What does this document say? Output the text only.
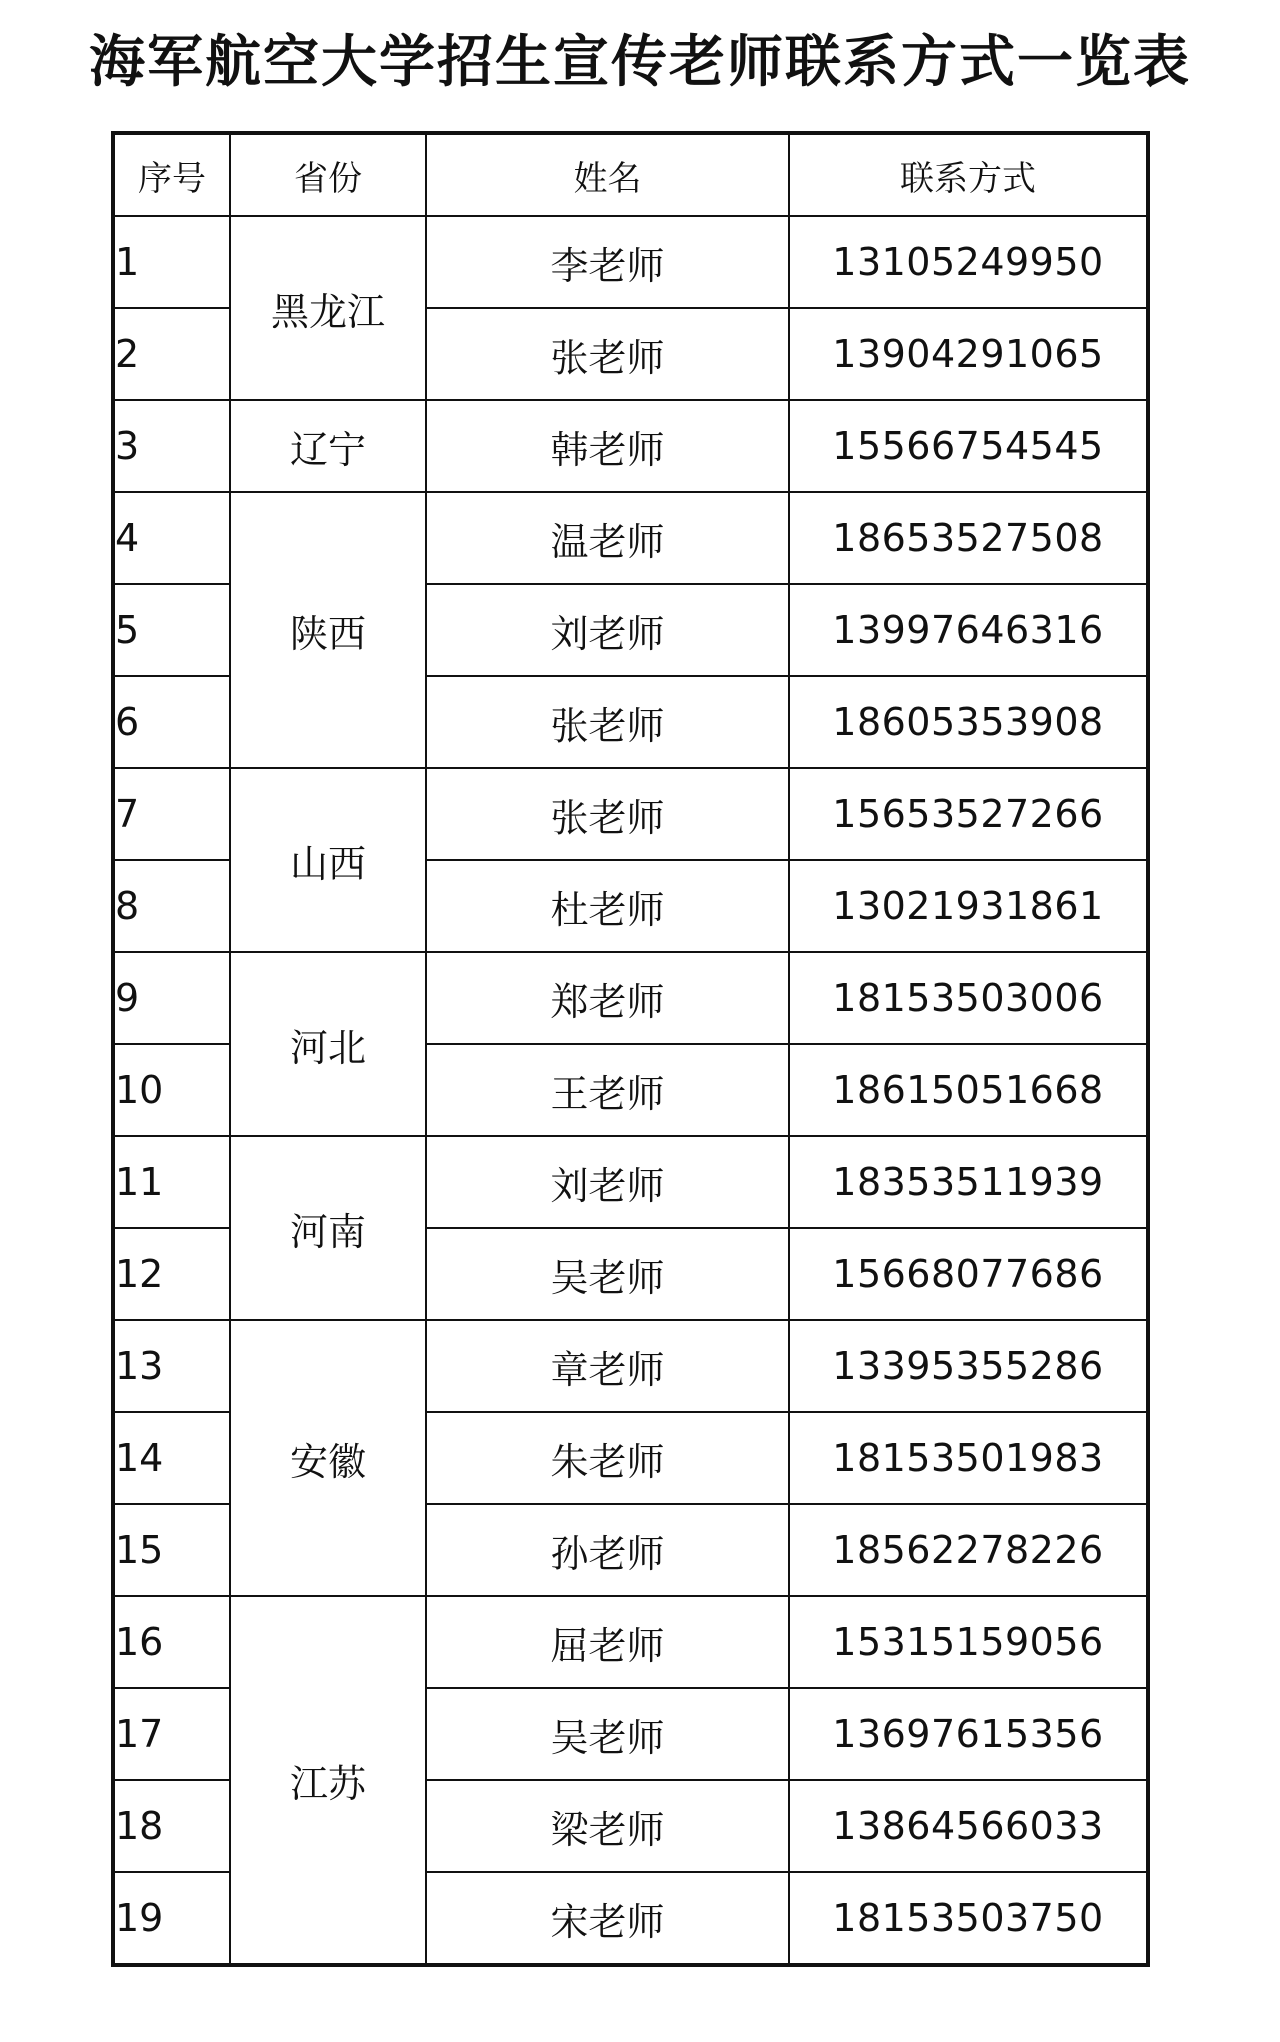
海军航空大学招生宣传老师联系方式一览表
序号	省份	姓名	联系方式
1	黑龙江	李老师	13105249950
2		张老师	13904291065
3	辽宁	韩老师	15566754545
4	陕西	温老师	18653527508
5		刘老师	13997646316
6		张老师	18605353908
7	山西	张老师	15653527266
8		杜老师	13021931861
9	河北	郑老师	18153503006
10		王老师	18615051668
11	河南	刘老师	18353511939
12		吴老师	15668077686
13	安徽	章老师	13395355286
14		朱老师	18153501983
15		孙老师	18562278226
16	江苏	屈老师	15315159056
17		吴老师	13697615356
18		梁老师	13864566033
19		宋老师	18153503750
